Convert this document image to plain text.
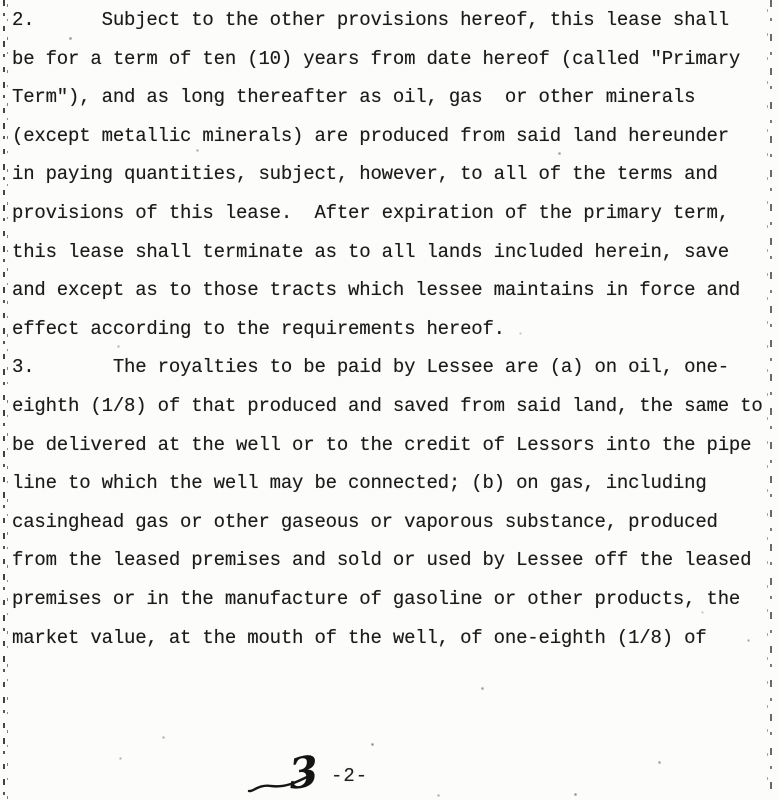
2.      Subject to the other provisions hereof, this lease shall
be for a term of ten (10) years from date hereof (called "Primary
Term"), and as long thereafter as oil, gas  or other minerals
(except metallic minerals) are produced from said land hereunder
in paying quantities, subject, however, to all of the terms and
provisions of this lease.  After expiration of the primary term,
this lease shall terminate as to all lands included herein, save
and except as to those tracts which lessee maintains in force and
effect according to the requirements hereof.
3.       The royalties to be paid by Lessee are (a) on oil, one-
eighth (1/8) of that produced and saved from said land, the same to
be delivered at the well or to the credit of Lessors into the pipe
line to which the well may be connected; (b) on gas, including
casinghead gas or other gaseous or vaporous substance, produced
from the leased premises and sold or used by Lessee off the leased
premises or in the manufacture of gasoline or other products, the
market value, at the mouth of the well, of one-eighth (1/8) of
3 -2-
